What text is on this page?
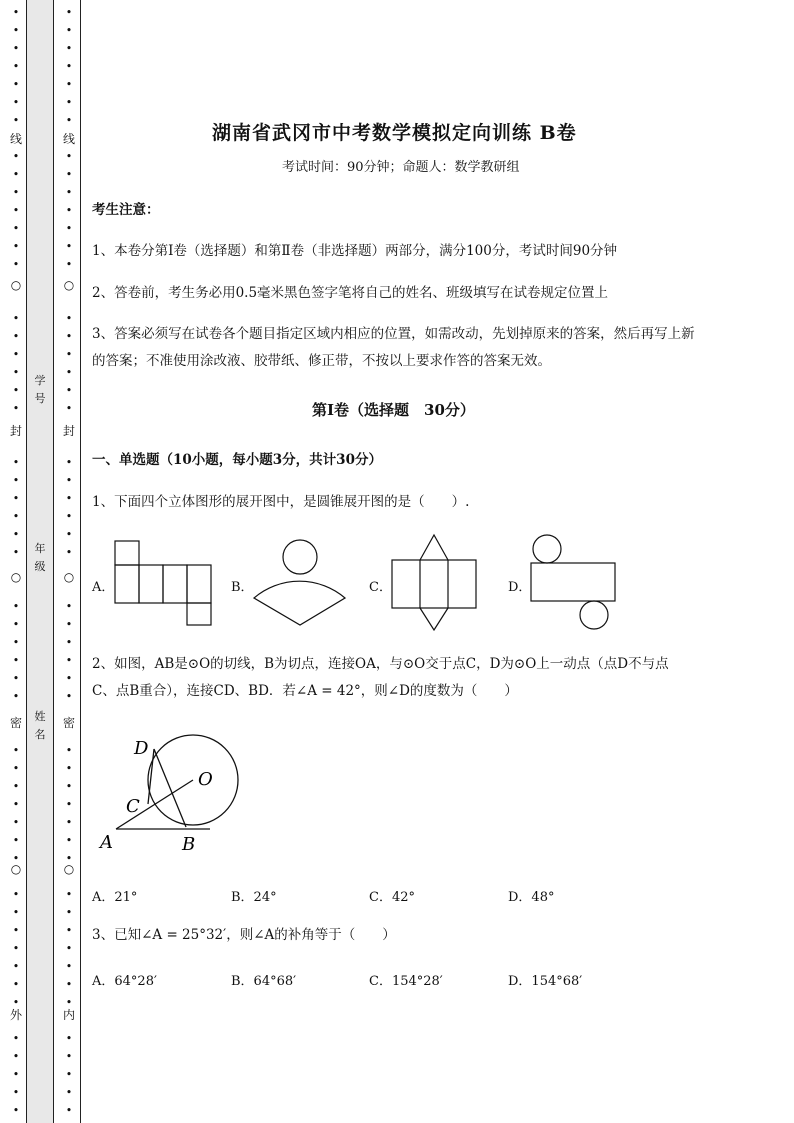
•
•
•
•
•
•
•
•
•
•
•
•
•
•
•
•
•
•
•
•
•
•
•
•
•
•
•
•
•
•
•
•
•
•
•
•
•
•
•
•
•
•
•
•
•
•
•
•
•
•
•
线
○
封
○
密
○
外
•
•
•
•
•
•
•
•
•
•
•
•
•
•
•
•
•
•
•
•
•
•
•
•
•
•
•
•
•
•
•
•
•
•
•
•
•
•
•
•
•
•
•
•
•
•
•
•
•
•
•
线
○
封
○
密
○
内
学
号
年
级
姓
名
湖南省武冈市中考数学模拟定向训练 B卷
考试时间：90分钟；命题人：数学教研组
考生注意：
1、本卷分第Ⅰ卷（选择题）和第Ⅱ卷（非选择题）两部分，满分100分，考试时间90分钟
2、答卷前，考生务必用0.5毫米黑色签字笔将自己的姓名、班级填写在试卷规定位置上
3、答案必须写在试卷各个题目指定区域内相应的位置，如需改动，先划掉原来的答案，然后再写上新
的答案；不准使用涂改液、胶带纸、修正带，不按以上要求作答的答案无效。
第Ⅰ卷（选择题　30分）
一、单选题（10小题，每小题3分，共计30分）
1、下面四个立体图形的展开图中，是圆锥展开图的是（　　）.
A．	B．	C．	D．
2、如图，AB是⊙O的切线，B为切点，连接OA，与⊙O交于点C，D为⊙O上一动点（点D不与点
C、点B重合），连接CD、BD．若∠A = 42°，则∠D的度数为（　　）
D
O
C
A	B
A．21°	B．24°	C．42°	D．48°
3、已知∠A = 25°32′，则∠A的补角等于（　　）
A．64°28′	B．64°68′	C．154°28′	D．154°68′
